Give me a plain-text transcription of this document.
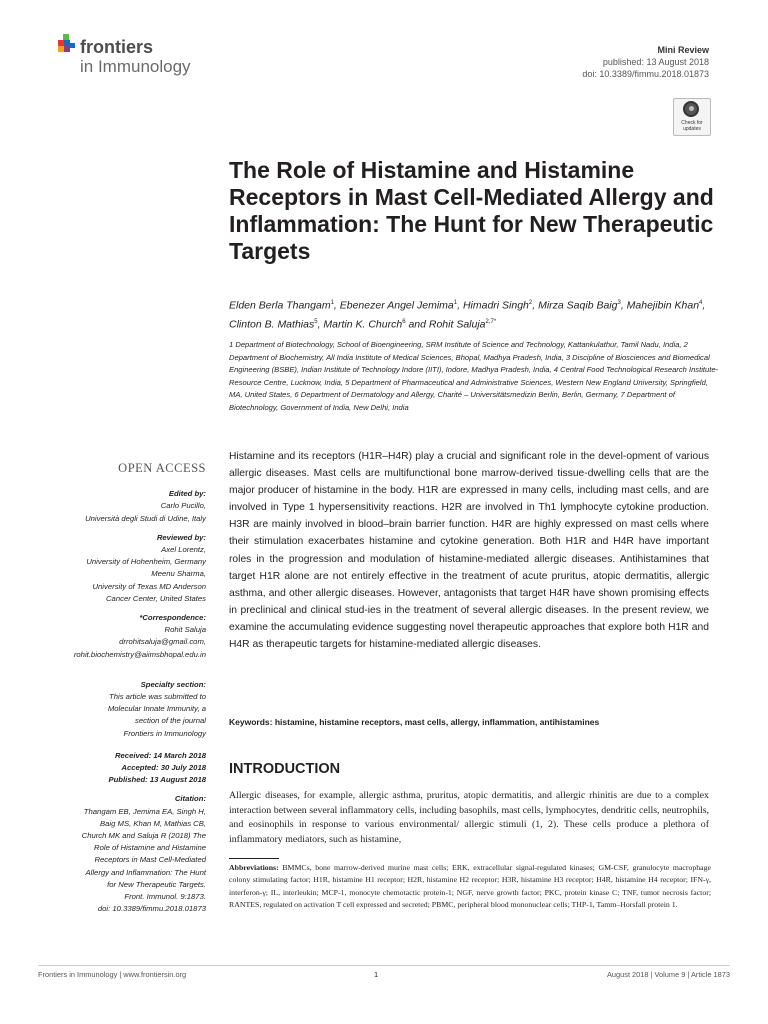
frontiers
in Immunology
Mini Review
published: 13 August 2018
doi: 10.3389/fimmu.2018.01873
Check for updates
The Role of Histamine and Histamine Receptors in Mast Cell-Mediated Allergy and Inflammation: The Hunt for New Therapeutic Targets
Elden Berla Thangam$^1$, Ebenezer Angel Jemima$^1$, Himadri Singh$^2$, Mirza Saqib Baig$^3$, Mahejibin Khan$^4$, Clinton B. Mathias$^5$, Martin K. Church$^6$ and Rohit Saluja$^{2,7*}$
1 Department of Biotechnology, School of Bioengineering, SRM Institute of Science and Technology, Kattankulathur, Tamil Nadu, India, 2 Department of Biochemistry, All India Institute of Medical Sciences, Bhopal, Madhya Pradesh, India, 3 Discipline of Biosciences and Biomedical Engineering (BSBE), Indian Institute of Technology Indore (IITI), Indore, Madhya Pradesh, India, 4 Central Food Technological Research Institute-Resource Centre, Lucknow, India, 5 Department of Pharmaceutical and Administrative Sciences, Western New England University, Springfield, MA, United States, 6 Department of Dermatology and Allergy, Charité – Universitätsmedizin Berlin, Berlin, Germany, 7 Department of Biotechnology, Government of India, New Delhi, India
Histamine and its receptors (H1R–H4R) play a crucial and significant role in the devel-opment of various allergic diseases. Mast cells are multifunctional bone marrow-derived tissue-dwelling cells that are the major producer of histamine in the body. H1R are expressed in many cells, including mast cells, and are involved in Type 1 hypersensitivity reactions. H2R are involved in Th1 lymphocyte cytokine production. H3R are mainly involved in blood–brain barrier function. H4R are highly expressed on mast cells where their stimulation exacerbates histamine and cytokine generation. Both H1R and H4R have important roles in the progression and modulation of histamine-mediated allergic diseases. Antihistamines that target H1R alone are not entirely effective in the treatment of acute pruritus, atopic dermatitis, allergic asthma, and other allergic diseases. However, antagonists that target H4R have shown promising effects in preclinical and clinical stud-ies in the treatment of several allergic diseases. In the present review, we examine the accumulating evidence suggesting novel therapeutic approaches that explore both H1R and H4R as therapeutic targets for histamine-mediated allergic diseases.
Keywords: histamine, histamine receptors, mast cells, allergy, inflammation, antihistamines
INTRODUCTION
Allergic diseases, for example, allergic asthma, pruritus, atopic dermatitis, and allergic rhinitis are due to a complex interaction between several inflammatory cells, including basophils, mast cells, lymphocytes, dendritic cells, neutrophils, and eosinophils in response to various environmental/ allergic stimuli (1, 2). These cells produce a plethora of inflammatory mediators, such as histamine,
Abbreviations: BMMCs, bone marrow-derived murine mast cells; ERK, extracellular signal-regulated kinases; GM-CSF, granulocyte macrophage colony stimulating factor; H1R, histamine H1 receptor; H2R, histamine H2 receptor; H3R, histamine H3 receptor; H4R, histamine H4 receptor; IFN-γ, interferon-γ; IL, interleukin; MCP-1, monocyte chemotactic protein-1; NGF, nerve growth factor; PKC, protein kinase C; TNF, tumor necrosis factor; RANTES, regulated on activation T cell expressed and secreted; PBMC, peripheral blood mononuclear cells; THP-1, Tamm–Horsfall protein 1.
OPEN ACCESS
Edited by:
Carlo Pucillo,
Università degli Studi di Udine, Italy
Reviewed by:
Axel Lorentz,
University of Hohenheim, Germany
Meenu Sharma,
University of Texas MD Anderson
Cancer Center, United States
*Correspondence:
Rohit Saluja
drrohitsaluja@gmail.com,
rohit.biochemistry@aiimsbhopal.edu.in
Specialty section:
This article was submitted to
Molecular Innate Immunity, a
section of the journal
Frontiers in Immunology
Received: 14 March 2018
Accepted: 30 July 2018
Published: 13 August 2018
Citation:
Thangam EB, Jemima EA, Singh H,
Baig MS, Khan M, Mathias CB,
Church MK and Saluja R (2018) The
Role of Histamine and Histamine
Receptors in Mast Cell-Mediated
Allergy and Inflammation: The Hunt
for New Therapeutic Targets.
Front. Immunol. 9:1873.
doi: 10.3389/fimmu.2018.01873
Frontiers in Immunology | www.frontiersin.org	1	August 2018 | Volume 9 | Article 1873
